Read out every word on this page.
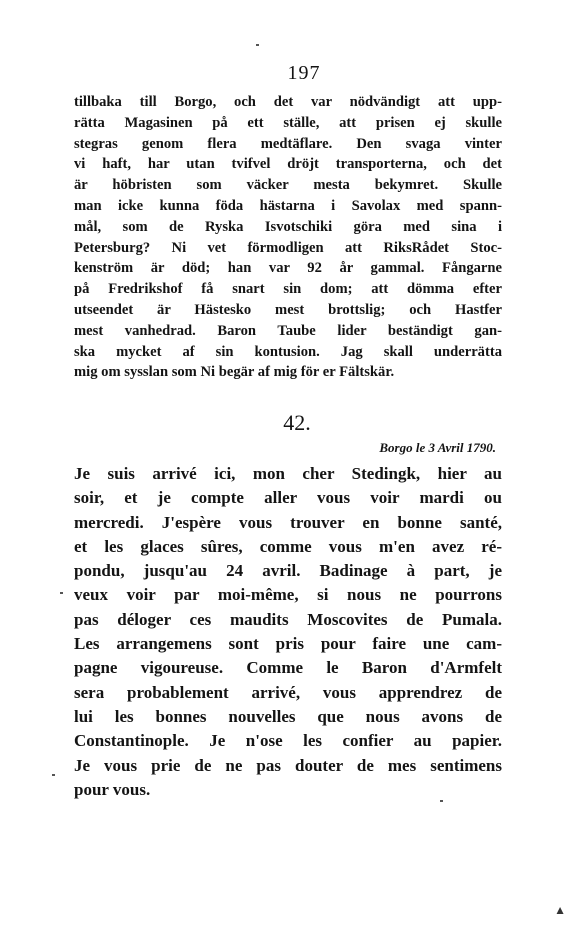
197
tillbaka till Borgo, och det var nödvändigt att upp-
rätta Magasinen på ett ställe, att prisen ej skulle
stegras genom flera medtäflare. Den svaga vinter
vi haft, har utan tvifvel dröjt transporterna, och det
är höbristen som väcker mesta bekymret. Skulle
man icke kunna föda hästarna i Savolax med spann-
mål, som de Ryska Isvotschiki göra med sina i
Petersburg? Ni vet förmodligen att RiksRådet Stoc-
kenström är död; han var 92 år gammal. Fångarne
på Fredrikshof få snart sin dom; att dömma efter
utseendet är Hästesko mest brottslig; och Hastfer
mest vanhedrad. Baron Taube lider beständigt gan-
ska mycket af sin kontusion. Jag skall underrätta
mig om sysslan som Ni begär af mig för er Fältskär.
42.
Borgo le 3 Avril 1790.
Je suis arrivé ici, mon cher Stedingk, hier au
soir, et je compte aller vous voir mardi ou
mercredi. J'espère vous trouver en bonne santé,
et les glaces sûres, comme vous m'en avez ré-
pondu, jusqu'au 24 avril. Badinage à part, je
veux voir par moi-même, si nous ne pourrons
pas déloger ces maudits Moscovites de Pumala.
Les arrangemens sont pris pour faire une cam-
pagne vigoureuse. Comme le Baron d'Armfelt
sera probablement arrivé, vous apprendrez de
lui les bonnes nouvelles que nous avons de
Constantinople. Je n'ose les confier au papier.
Je vous prie de ne pas douter de mes sentimens
pour vous.
▲
